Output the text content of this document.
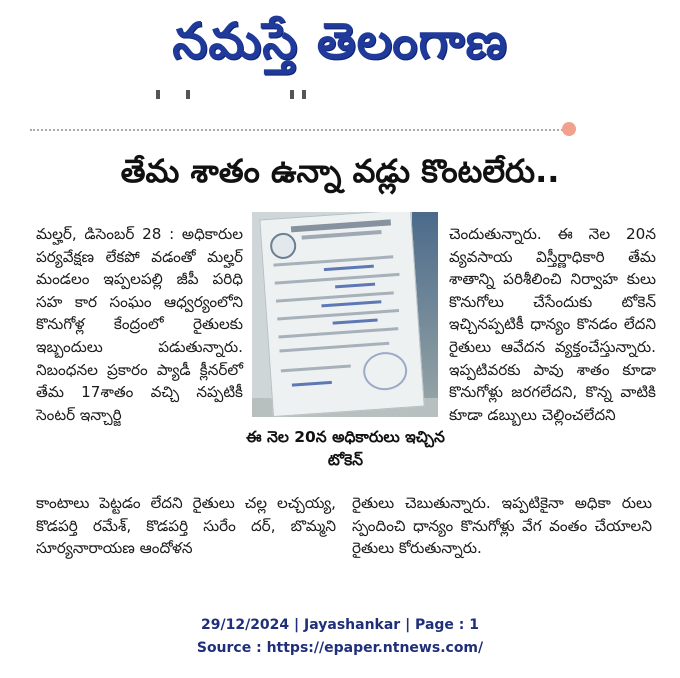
నమస్తే తెలంగాణ
తేమ శాతం ఉన్నా వడ్లు కొంటలేరు..
మల్హర్, డిసెంబర్ 28 : అధికారుల పర్యవేక్షణ లేకపో వడంతో మల్హర్ మండలం ఇప్పలపల్లి జీపీ పరిధి సహ కార సంఘం ఆధ్వర్యంలోని కొనుగోళ్ల కేంద్రంలో రైతులకు ఇబ్బందులు పడుతున్నారు. నిబంధనల ప్రకారం ప్యాడీ క్లీనర్‌లో తేమ 17శాతం వచ్చి నప్పటికీ సెంటర్ ఇన్చార్జి
ఈ నెల 20న అధికారులు ఇచ్చిన టోకెన్
చెందుతున్నారు. ఈ నెల 20న వ్యవసాయ విస్తీర్ణాధికారి తేమ శాతాన్ని పరిశీలించి నిర్వాహ కులు కొనుగోలు చేసేందుకు టోకెన్ ఇచ్చినప్పటికీ ధాన్యం కొనడం లేదని రైతులు ఆవేదన వ్యక్తంచేస్తున్నారు. ఇప్పటివరకు పావు శాతం కూడా కొనుగోళ్లు జరగలేదని, కొన్న వాటికి కూడా డబ్బులు చెల్లించలేదని
కాంటాలు పెట్టడం లేదని రైతులు చల్ల లచ్చయ్య, కొడపర్తి రమేశ్, కొడపర్తి సురేం దర్, బొమ్మని సూర్యనారాయణ ఆందోళన
రైతులు చెబుతున్నారు. ఇప్పటికైనా అధికా రులు స్పందించి ధాన్యం కొనుగోళ్లు వేగ వంతం చేయాలని రైతులు కోరుతున్నారు.
29/12/2024 | Jayashankar | Page : 1
Source : https://epaper.ntnews.com/
